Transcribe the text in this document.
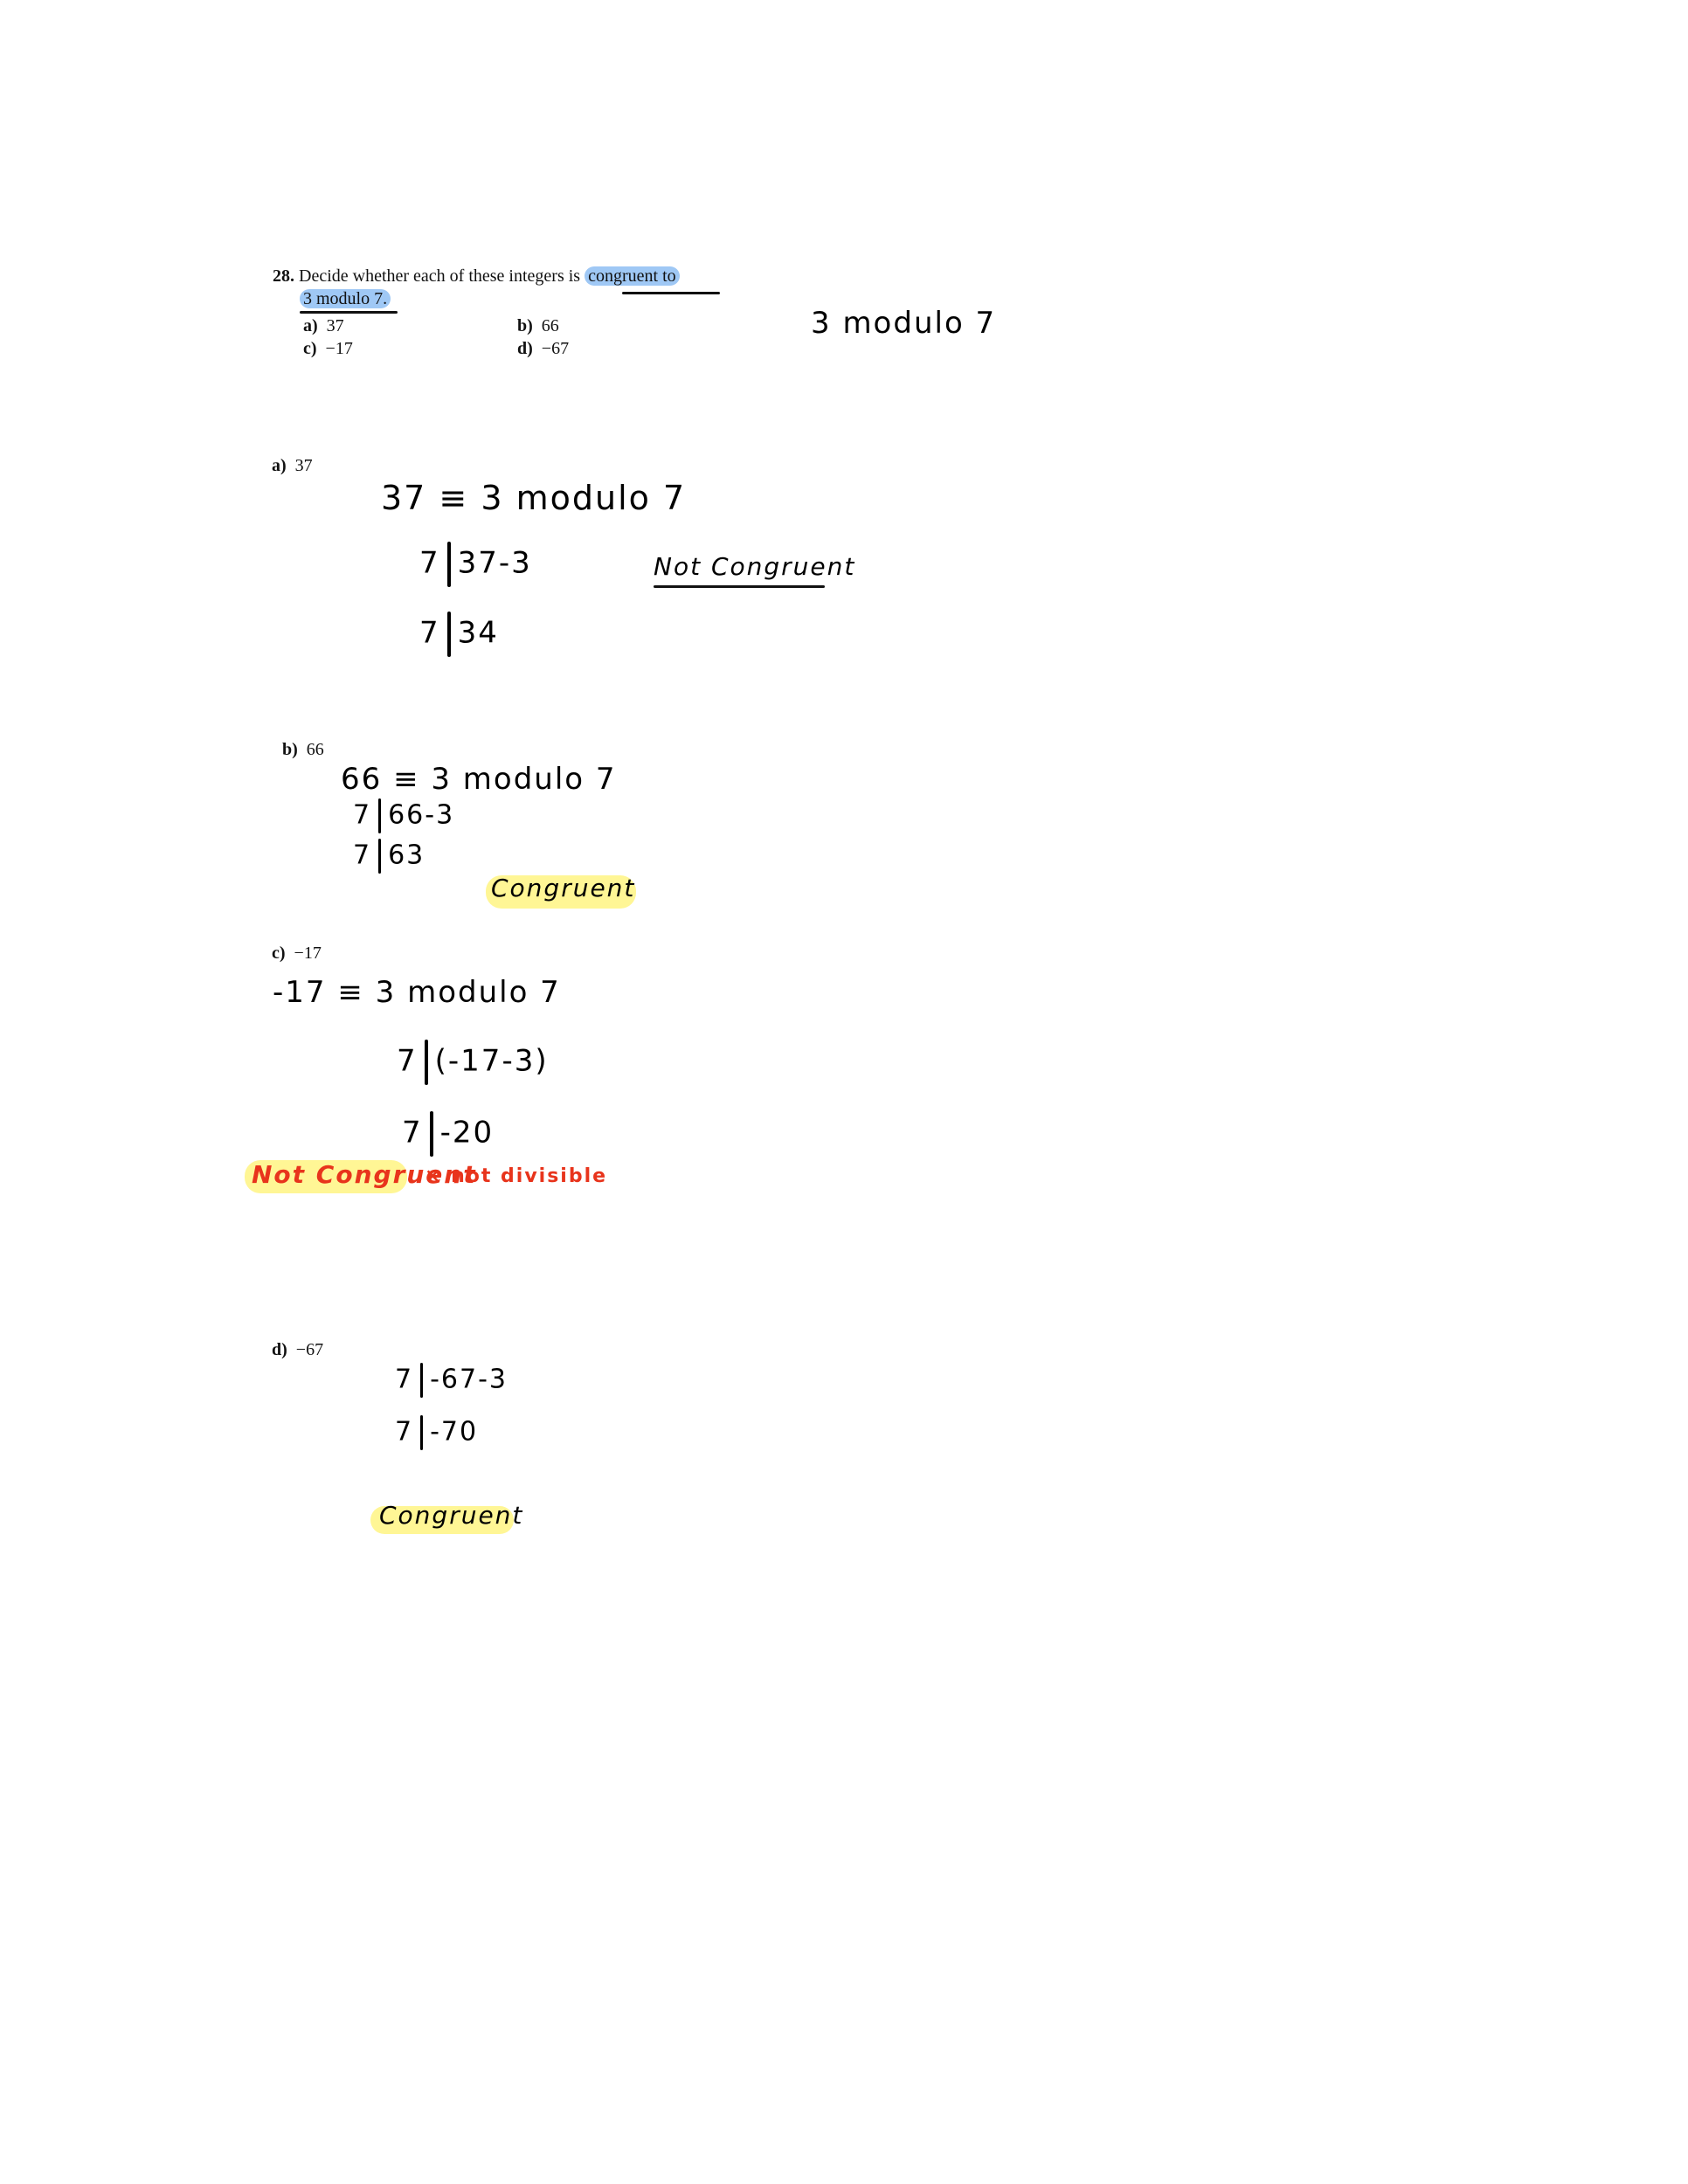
28. Decide whether each of these integers is congruent to
3 modulo 7.
a) 37	b) 66
c) −17	d) −67
3 modulo 7
a) 37
37 ≡ 3 modulo 7
7 37-3
7 34
Not Congruent
b) 66
66 ≡ 3 modulo 7
7 66-3
7 63
Congruent
c) −17
-17 ≡ 3 modulo 7
7 (-17-3)
7 -20
Not Congruent
× not divisible
d) −67
7 -67-3
7 -70
Congruent
